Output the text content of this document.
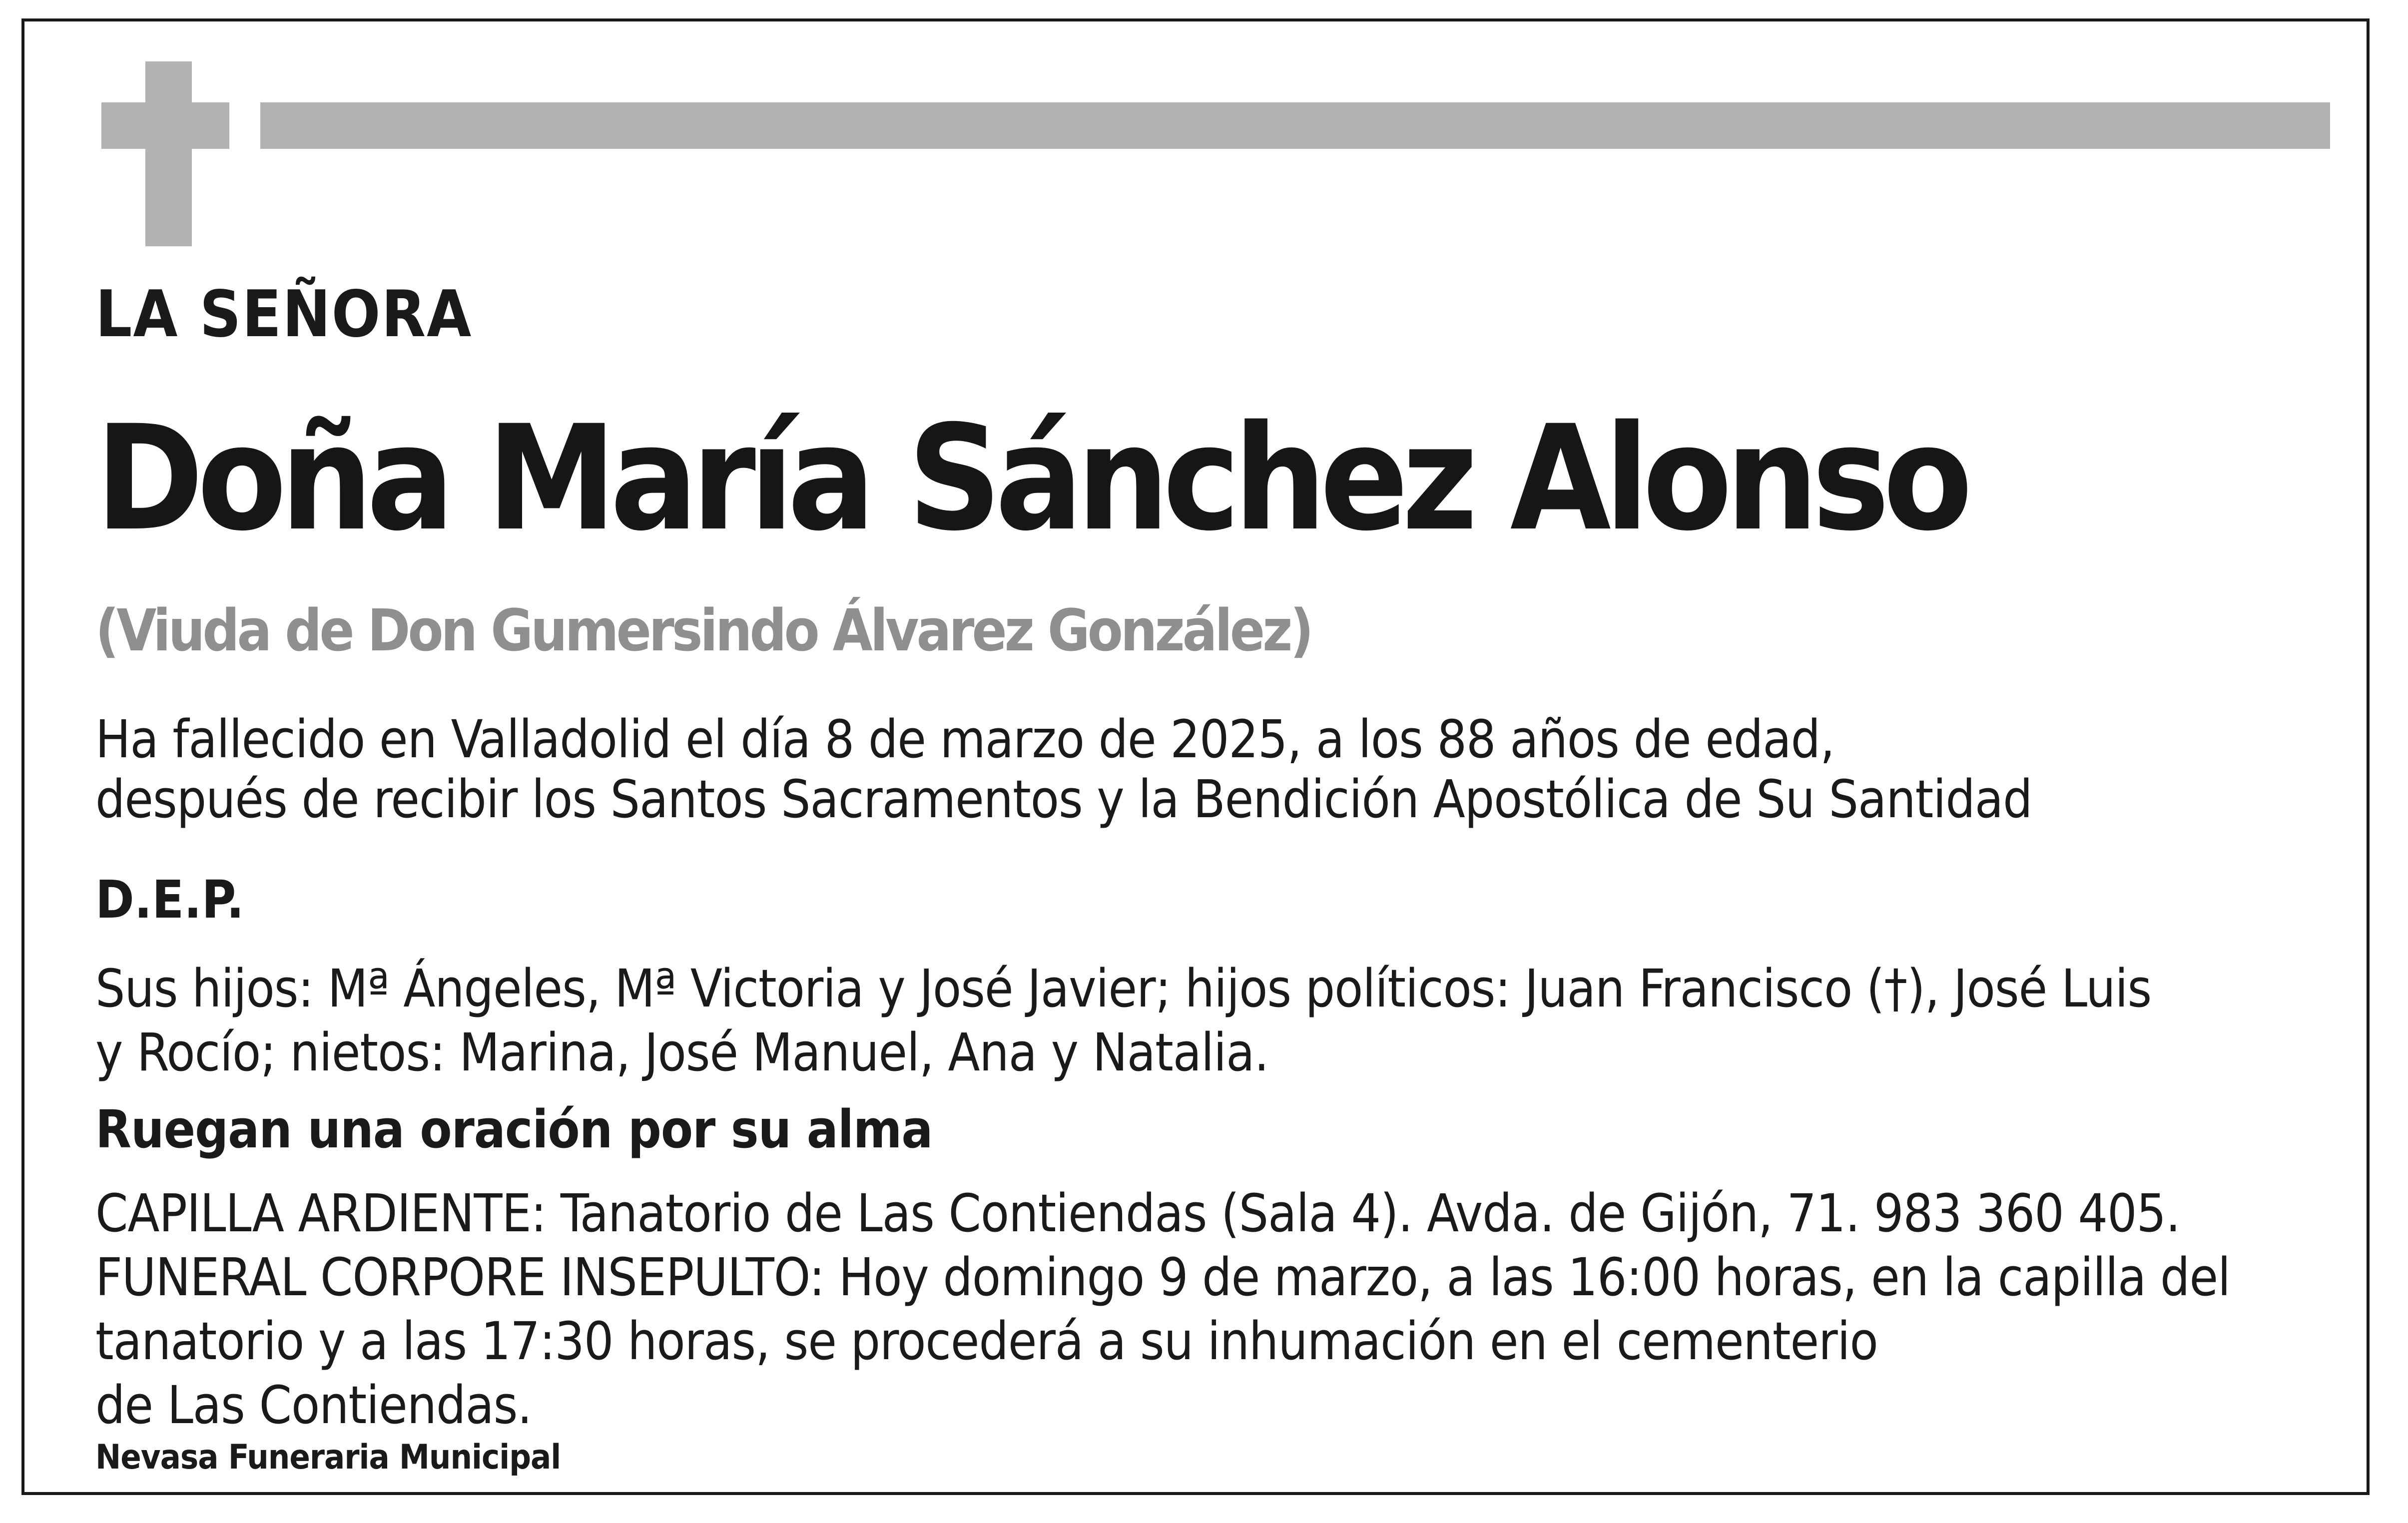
LA SEÑORA
Doña María Sánchez Alonso
(Viuda de Don Gumersindo Álvarez González)

Ha fallecido en Valladolid el día 8 de marzo de 2025, a los 88 años de edad,
después de recibir los Santos Sacramentos y la Bendición Apostólica de Su Santidad

D.E.P.

Sus hijos: Mª Ángeles, Mª Victoria y José Javier; hijos políticos: Juan Francisco (†), José Luis
y Rocío; nietos: Marina, José Manuel, Ana y Natalia.

Ruegan una oración por su alma

CAPILLA ARDIENTE: Tanatorio de Las Contiendas (Sala 4). Avda. de Gijón, 71. 983 360 405.
FUNERAL CORPORE INSEPULTO: Hoy domingo 9 de marzo, a las 16:00 horas, en la capilla del
tanatorio y a las 17:30 horas, se procederá a su inhumación en el cementerio
de Las Contiendas.

Nevasa Funeraria Municipal
